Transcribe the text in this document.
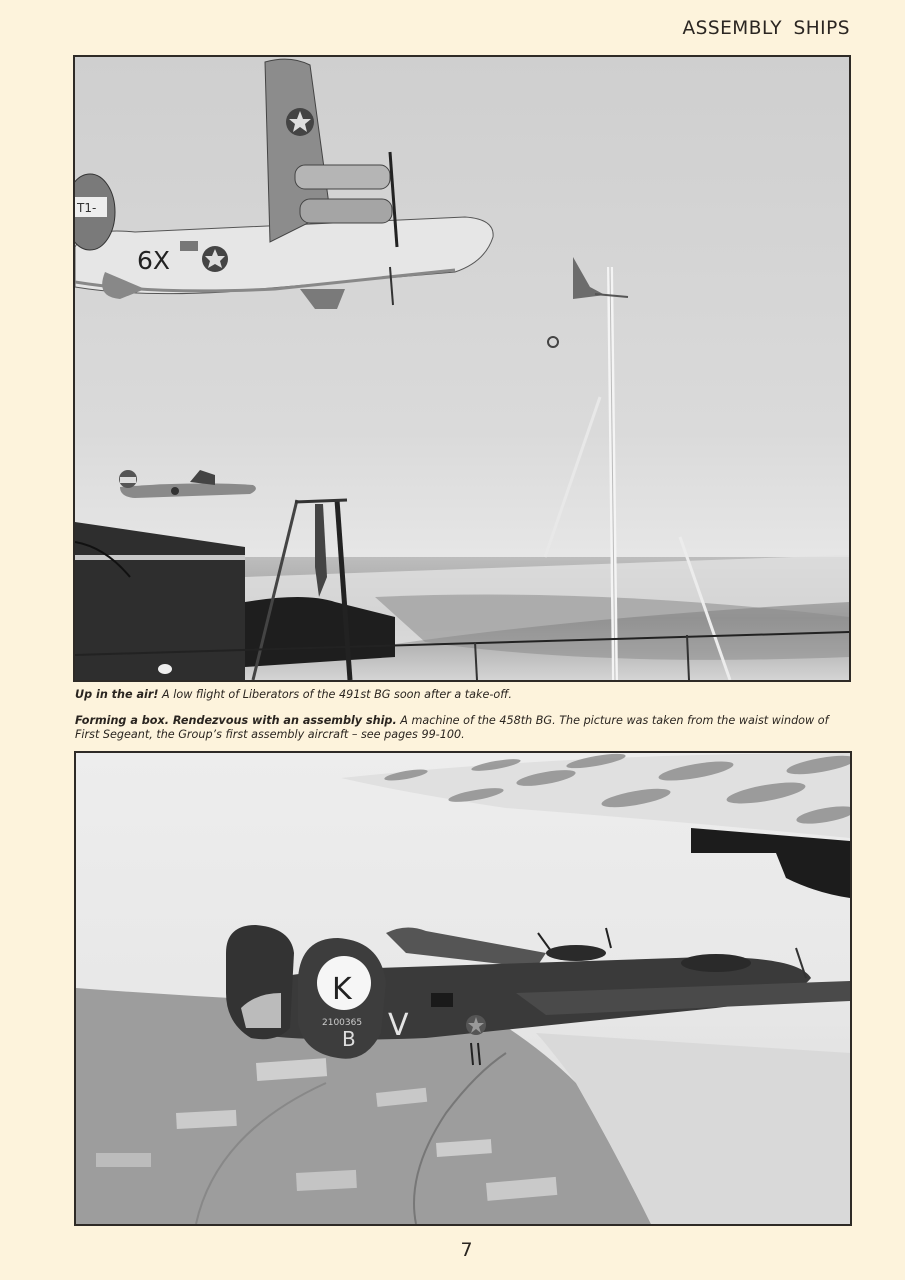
ASSEMBLY SHIPS
T1-
6X
Up in the air! A low flight of Liberators of the 491st BG soon after a take-off.
Forming a box. Rendezvous with an assembly ship. A machine of the 458th BG. The picture was taken from the waist window of First Segeant, the Group’s first assembly aircraft – see pages 99-100.
K
2100365
B V
7
